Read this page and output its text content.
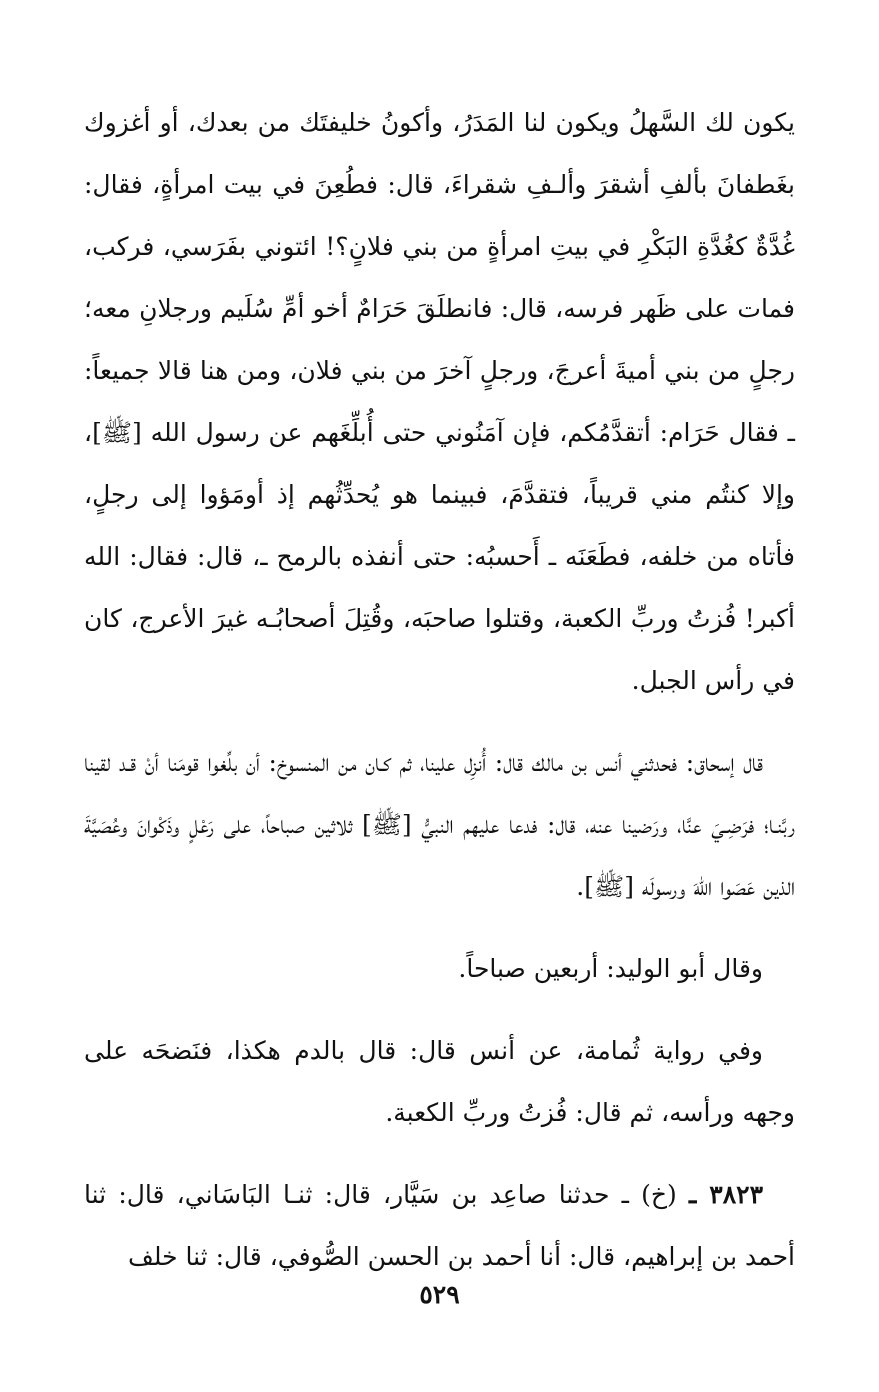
يكون لك السَّهلُ ويكون لنا المَدَرُ، وأكونُ خليفتَك من بعدك، أو أغزوك بغَطفانَ بألفِ أشقرَ وألـفِ شقراءَ، قال: فطُعِنَ في بيت امرأةٍ، فقال: غُدَّةٌ كغُدَّةِ البَكْرِ في بيتِ امرأةٍ من بني فلانٍ؟! ائتوني بفَرَسي، فركب، فمات على ظَهر فرسه، قال: فانطلَقَ حَرَامٌ أخو أمِّ سُلَيم ورجلانِ معه؛ رجلٍ من بني أميةَ أعرجَ، ورجلٍ آخرَ من بني فلان، ومن هنا قالا جميعاً: ـ فقال حَرَام: أتقدَّمُكم، فإن آمَنُوني حتى أُبلِّغَهم عن رسول الله [ﷺ]، وإلا كنتُم مني قريباً، فتقدَّمَ، فبينما هو يُحدِّثُهم إذ أومَؤوا إلى رجلٍ، فأتاه من خلفه، فطَعَنَه ـ أَحسبُه: حتى أنفذه بالرمح ـ، قال: فقال: الله أكبر! فُزتُ وربِّ الكعبة، وقتلوا صاحبَه، وقُتِلَ أصحابُـه غيرَ الأعرج، كان في رأس الجبل.

قال إسحاق: فحدثني أنس بن مالك قال: أُنزِل علينا، ثم كـان من المنسوخ: أن بلِّغوا قومَنا أنْ قـد لقينا ربَّنـا؛ فرَضِـيَ عنَّا، ورَضينا عنه، قال: فدعا عليهم النبيُّ [ﷺ] ثلاثين صباحاً، على رَعْلٍ وذَكْوانَ وعُصَيَّةَ الذين عَصَوا اللهَ ورسولَه [ﷺ].

وقال أبو الوليد: أربعين صباحاً.

وفي رواية ثُمامة، عن أنس قال: قال بالدم هكذا، فنَضحَه على وجهه ورأسه، ثم قال: فُزتُ وربِّ الكعبة.

٣٨٢٣ ـ (خ) ـ حدثنا صاعِد بن سَيَّار، قال: ثنـا البَاسَاني، قال: ثنا أحمد بن إبراهيم، قال: أنا أحمد بن الحسن الصُّوفي، قال: ثنا خلف

٥٢٩
